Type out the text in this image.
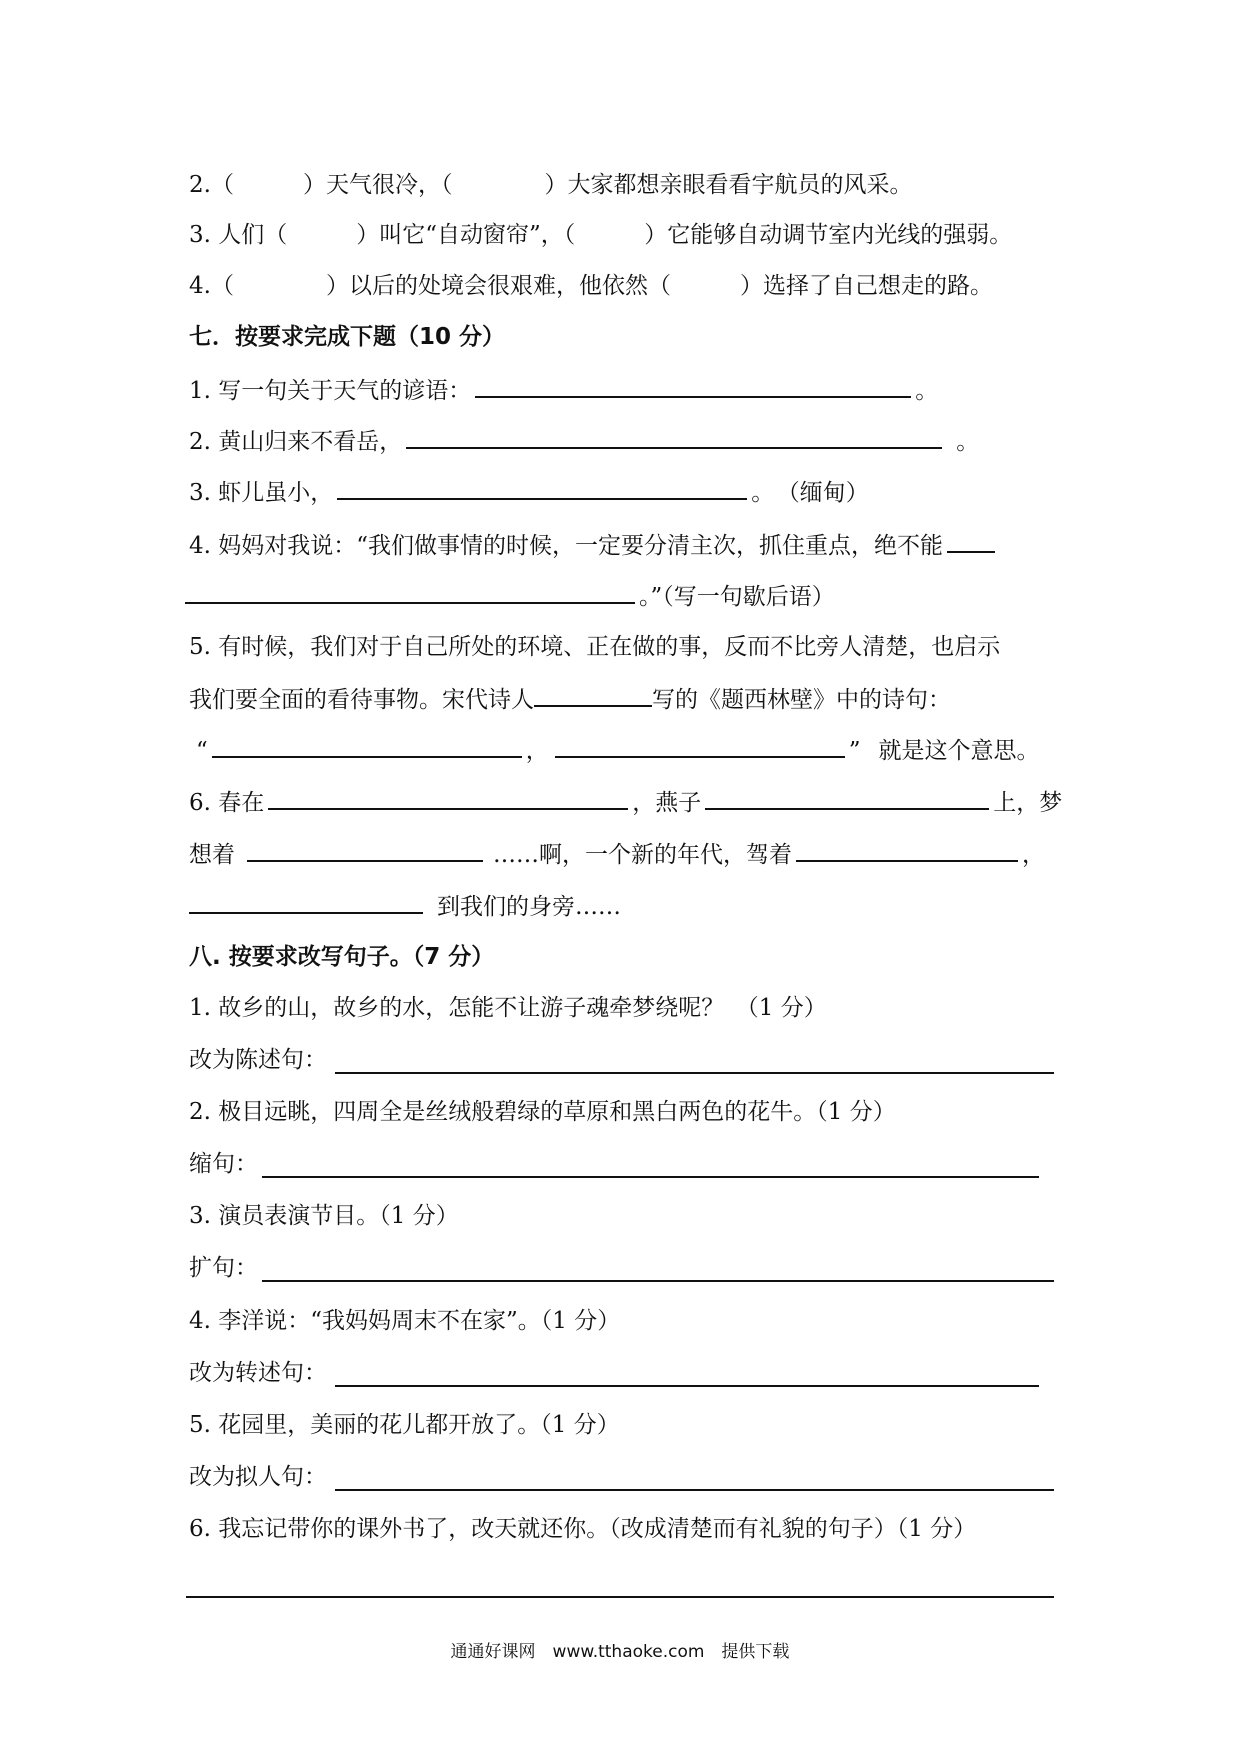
2.（　　　	）天气很冷，（　　　　	）大家都想亲眼看看宇航员的风采。
3. 人们（　　　	）叫它“自动窗帘”，（　　　	）它能够自动调节室内光线的强弱。
4.（　　　　	）以后的处境会很艰难，他依然（　　　	）选择了自己想走的路。
七．按要求完成下题（10 分）
1. 写一句关于天气的谚语：	。
2. 黄山归来不看岳，	。
3. 虾儿虽小，	。 （缅甸）
4. 妈妈对我说：“我们做事情的时候，一定要分清主次，抓住重点，绝不能
。”（写一句歇后语）
5. 有时候，我们对于自己所处的环境、正在做的事，反而不比旁人清楚，也启示
我们要全面的看待事物。宋代诗人	写的《题西林壁》中的诗句：
“	，	” 就是这个意思。
6. 春在	，燕子	上，梦
想着	……啊，一个新的年代，驾着	，
到我们的身旁……
八. 按要求改写句子。（7 分）
1. 故乡的山，故乡的水，怎能不让游子魂牵梦绕呢？　（1 分）
改为陈述句：
2. 极目远眺，四周全是丝绒般碧绿的草原和黑白两色的花牛。（1 分）
缩句：
3. 演员表演节目。（1 分）
扩句：
4. 李洋说：“我妈妈周末不在家”。（1 分）
改为转述句：
5. 花园里，美丽的花儿都开放了。（1 分）
改为拟人句：
6. 我忘记带你的课外书了，改天就还你。（改成清楚而有礼貌的句子）（1 分）
通通好课网　www.tthaoke.com　提供下载
